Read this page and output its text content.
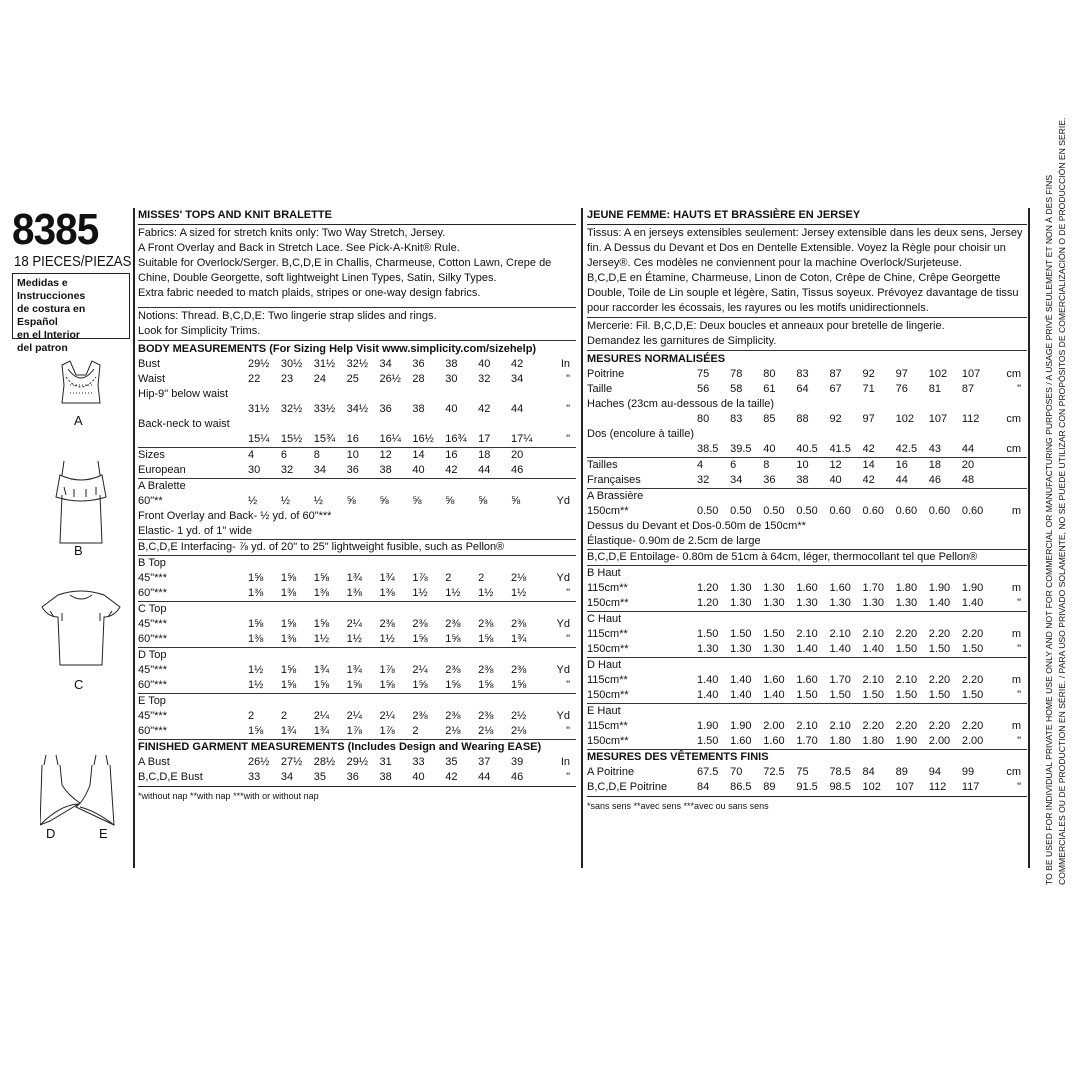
8385
18 PIECES/PIEZAS
Medidas e Instrucciones
de costura en Español
en el Interior
del patron
A
B
C
D	E
MISSES' TOPS AND KNIT BRALETTE
Fabrics: A sized for stretch knits only: Two Way Stretch, Jersey.
A Front Overlay and Back in Stretch Lace. See Pick-A-Knit® Rule.
Suitable for Overlock/Serger. B,C,D,E in Challis, Charmeuse, Cotton Lawn, Crepe de
Chine, Double Georgette, soft lightweight Linen Types, Satin, Silky Types.
Extra fabric needed to match plaids, stripes or one-way design fabrics.
Notions: Thread. B,C,D,E: Two lingerie strap slides and rings.
Look for Simplicity Trims.
BODY MEASUREMENTS (For Sizing Help Visit www.simplicity.com/sizehelp)
Bust	29½	30½	31½	32½	34	36	38	40	42	In
Waist	22	23	24	25	26½	28	30	32	34	"
Hip-9" below waist										
	31½	32½	33½	34½	36	38	40	42	44	"
Back-neck to waist										
	15¼	15½	15¾	16	16¼	16½	16¾	17	17¼	"
Sizes	4	6	8	10	12	14	16	18	20	
European	30	32	34	36	38	40	42	44	46	
A Bralette										
60"**	½	½	½	⅝	⅝	⅝	⅝	⅝	⅝	Yd
Front Overlay and Back- ½ yd. of 60"***										
Elastic- 1 yd. of 1" wide										
B,C,D,E Interfacing- ⅞ yd. of 20" to 25" lightweight fusible, such as Pellon®										
B Top										
45"***	1⅝	1⅝	1⅝	1¾	1¾	1⅞	2	2	2⅛	Yd
60"***	1⅜	1⅜	1⅜	1⅜	1⅜	1½	1½	1½	1½	"
C Top										
45"***	1⅝	1⅝	1⅝	2¼	2⅜	2⅜	2⅜	2⅜	2⅜	Yd
60"***	1⅜	1⅜	1½	1½	1½	1⅝	1⅝	1⅝	1¾	"
D Top										
45"***	1½	1⅝	1¾	1¾	1⅞	2¼	2⅜	2⅜	2⅜	Yd
60"***	1½	1⅝	1⅝	1⅝	1⅝	1⅝	1⅝	1⅝	1⅝	"
E Top										
45"***	2	2	2¼	2¼	2¼	2⅜	2⅜	2⅜	2½	Yd
60"***	1⅝	1¾	1¾	1⅞	1⅞	2	2⅛	2⅛	2⅛	"
FINISHED GARMENT MEASUREMENTS (Includes Design and Wearing EASE)										
A Bust	26½	27½	28½	29½	31	33	35	37	39	In
B,C,D,E Bust	33	34	35	36	38	40	42	44	46	"
*without nap **with nap ***with or without nap
JEUNE FEMME: HAUTS ET BRASSIÈRE EN JERSEY
Tissus: A en jerseys extensibles seulement: Jersey extensible dans les deux sens, Jersey
fin. A Dessus du Devant et Dos en Dentelle Extensible. Voyez la Règle pour choisir un
Jersey®. Ces modèles ne conviennent pour la machine Overlock/Surjeteuse.
B,C,D,E en Étamine, Charmeuse, Linon de Coton, Crêpe de Chine, Crêpe Georgette
Double, Toile de Lin souple et légère, Satin, Tissus soyeux. Prévoyez davantage de tissu
pour raccorder les écossais, les rayures ou les motifs unidirectionnels.
Mercerie: Fil. B,C,D,E: Deux boucles et anneaux pour bretelle de lingerie.
Demandez les garnitures de Simplicity.
MESURES NORMALISÉES
Poitrine	75	78	80	83	87	92	97	102	107	cm
Taille	56	58	61	64	67	71	76	81	87	"
Haches (23cm au-dessous de la taille)										
	80	83	85	88	92	97	102	107	112	cm
Dos (encolure à taille)										
	38.5	39.5	40	40.5	41.5	42	42.5	43	44	cm
Tailles	4	6	8	10	12	14	16	18	20	
Françaises	32	34	36	38	40	42	44	46	48	
A Brassière										
150cm**	0.50	0.50	0.50	0.50	0.60	0.60	0.60	0.60	0.60	m
Dessus du Devant et Dos-0.50m de 150cm**										
Élastique- 0.90m de 2.5cm de large										
B,C,D,E Entoilage- 0.80m de 51cm à 64cm, léger, thermocollant tel que Pellon®										
B Haut										
115cm**	1.20	1.30	1.30	1.60	1.60	1.70	1.80	1.90	1.90	m
150cm**	1.20	1.30	1.30	1.30	1.30	1.30	1.30	1.40	1.40	"
C Haut										
115cm**	1.50	1.50	1.50	2.10	2.10	2.10	2.20	2.20	2.20	m
150cm**	1.30	1.30	1.30	1.40	1.40	1.40	1.50	1.50	1.50	"
D Haut										
115cm**	1.40	1.40	1.60	1.60	1.70	2.10	2.10	2.20	2.20	m
150cm**	1.40	1.40	1.40	1.50	1.50	1.50	1.50	1.50	1.50	"
E Haut										
115cm**	1.90	1.90	2.00	2.10	2.10	2.20	2.20	2.20	2.20	m
150cm**	1.50	1.60	1.60	1.70	1.80	1.80	1.90	2.00	2.00	"
MESURES DES VÊTEMENTS FINIS										
A Poitrine	67.5	70	72.5	75	78.5	84	89	94	99	cm
B,C,D,E Poitrine	84	86.5	89	91.5	98.5	102	107	112	117	"
*sans sens **avec sens ***avec ou sans sens	TO BE USED FOR INDIVIDUAL PRIVATE HOME USE ONLY AND NOT FOR COMMERCIAL OR MANUFACTURING PURPOSES / A USAGE PRIVÉ SEULEMENT ET NON À DES FINS COMMERCIALES OU DE PRODUCTION EN SÉRIE. / PARA USO PRIVADO SOLAMENTE, NO SE PUEDE UTILIZAR CON PROPÓSITOS DE COMERCIALIZACIÓN O DE PRODUCCIÓN EN SERIE.
